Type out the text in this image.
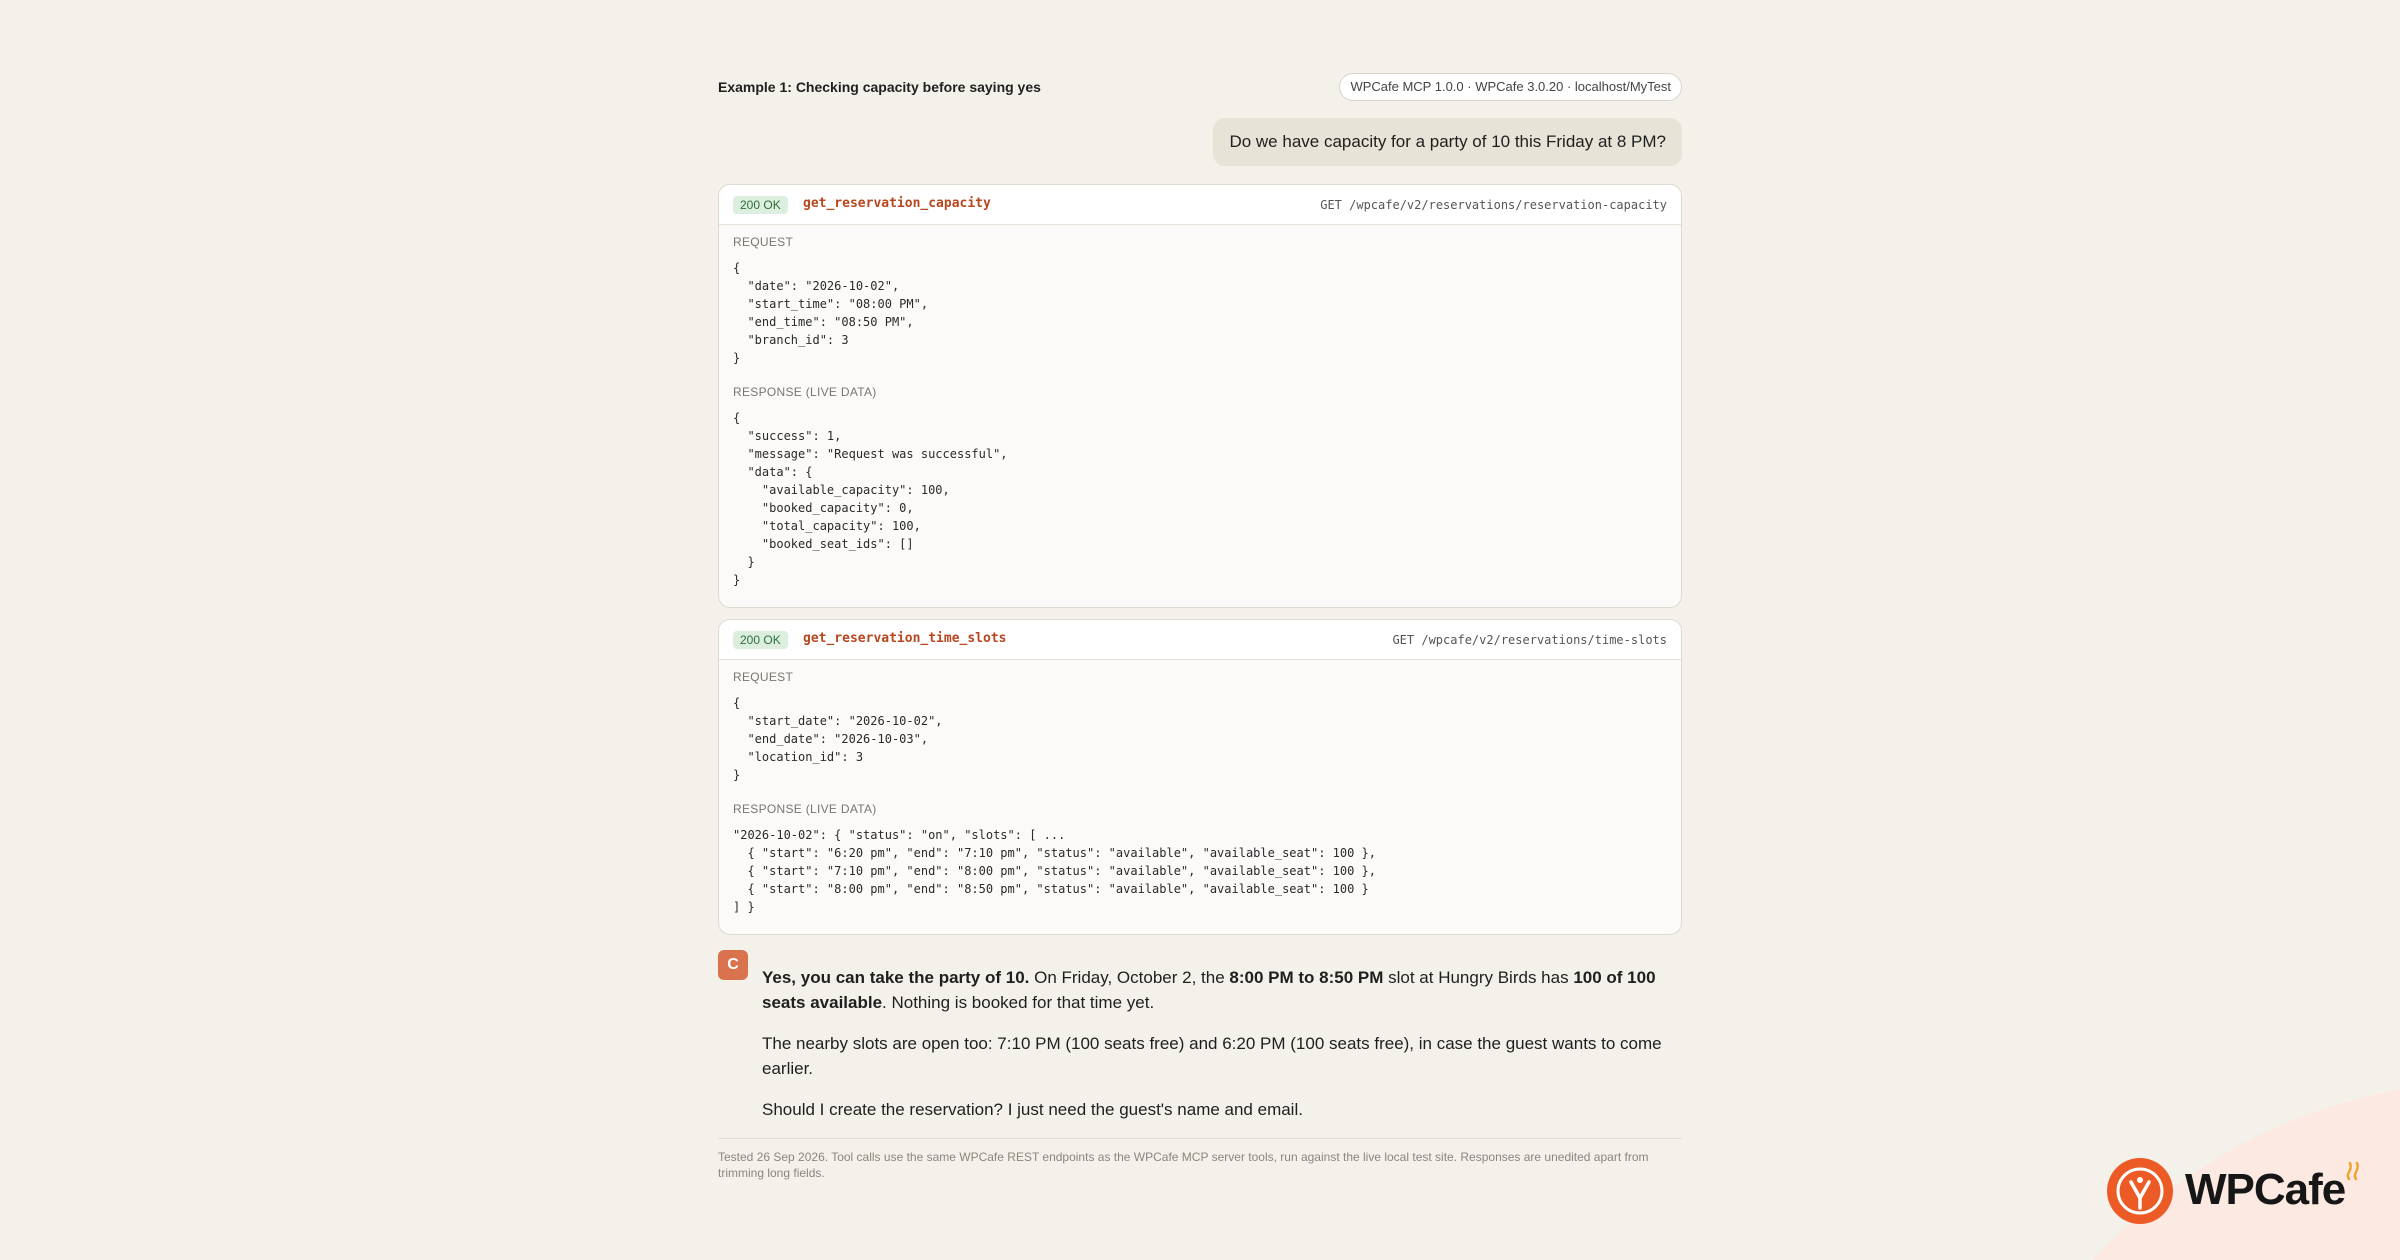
Example 1: Checking capacity before saying yes	WPCafe MCP 1.0.0 · WPCafe 3.0.20 · localhost/MyTest
Do we have capacity for a party of 10 this Friday at 8 PM?
200 OK	get_reservation_capacity	GET /wpcafe/v2/reservations/reservation-capacity
REQUEST
{
"date": "2026-10-02",
"start_time": "08:00 PM",
"end_time": "08:50 PM",
"branch_id": 3
}
RESPONSE (LIVE DATA)
{
"success": 1,
"message": "Request was successful",
"data": {
"available_capacity": 100,
"booked_capacity": 0,
"total_capacity": 100,
"booked_seat_ids": []
}
}
200 OK	get_reservation_time_slots	GET /wpcafe/v2/reservations/time-slots
REQUEST
{
"start_date": "2026-10-02",
"end_date": "2026-10-03",
"location_id": 3
}
RESPONSE (LIVE DATA)
"2026-10-02": { "status": "on", "slots": [ ...
{ "start": "6:20 pm", "end": "7:10 pm", "status": "available", "available_seat": 100 },
{ "start": "7:10 pm", "end": "8:00 pm", "status": "available", "available_seat": 100 },
{ "start": "8:00 pm", "end": "8:50 pm", "status": "available", "available_seat": 100 }
] }
C

Yes, you can take the party of 10. On Friday, October 2, the 8:00 PM to 8:50 PM slot at Hungry Birds has 100 of 100 seats available. Nothing is booked for that time yet.

The nearby slots are open too: 7:10 PM (100 seats free) and 6:20 PM (100 seats free), in case the guest wants to come earlier.

Should I create the reservation? I just need the guest's name and email.

Tested 26 Sep 2026. Tool calls use the same WPCafe REST endpoints as the WPCafe MCP server tools, run against the live local test site. Responses are unedited apart from trimming long fields.	WPCafe
